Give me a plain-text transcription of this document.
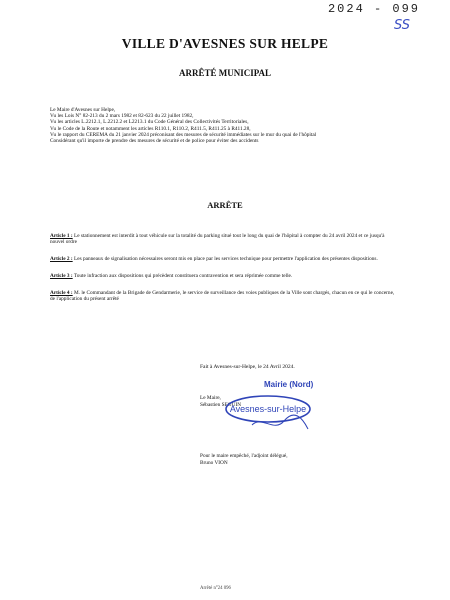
2024 - 099
SS
VILLE D'AVESNES SUR HELPE
ARRÊTÉ MUNICIPAL

Le Maire d'Avesnes sur Helpe,

Vu les Lois N° 82-213 du 2 mars 1982 et 82-623 du 22 juillet 1982,

Vu les articles L.2212.1, L.2212.2 et L2213.1 du Code Général des Collectivités Territoriales,

Vu le Code de la Route et notamment les articles R110.1, R110.2, R411.5, R411.25 à R411.28,

Vu le rapport du CEREMA du 21 janvier 2024 préconisant des mesures de sécurité immédiates sur le mur du quai de l'hôpital

Considérant qu'il importe de prendre des mesures de sécurité et de police pour éviter des accidents

ARRÊTE

Article 1 : Le stationnement est interdit à tout véhicule sur la totalité du parking situé tout le long du quai de l'hôpital à compter du 24 avril 2024 et ce jusqu'à nouvel ordre

Article 2 : Les panneaux de signalisation nécessaires seront mis en place par les services technique pour permettre l'application des présentes dispositions.

Article 3 : Toute infraction aux dispositions qui précèdent constituera contravention et sera réprimée comme telle.

Article 4 : M. le Commandant de la Brigade de Gendarmerie, le service de surveillance des voies publiques de la Ville sont chargés, chacun en ce qui le concerne, de l'application du présent arrêté

Fait à Avesnes-sur-Helpe, le 24 Avril 2024.
Le Maire,
Sébastien SEGUIN
Mairie (Nord)
Avesnes-sur-Helpe
Pour le maire empêché, l'adjoint délégué,
Bruno VION
Arrêté n°24 096
